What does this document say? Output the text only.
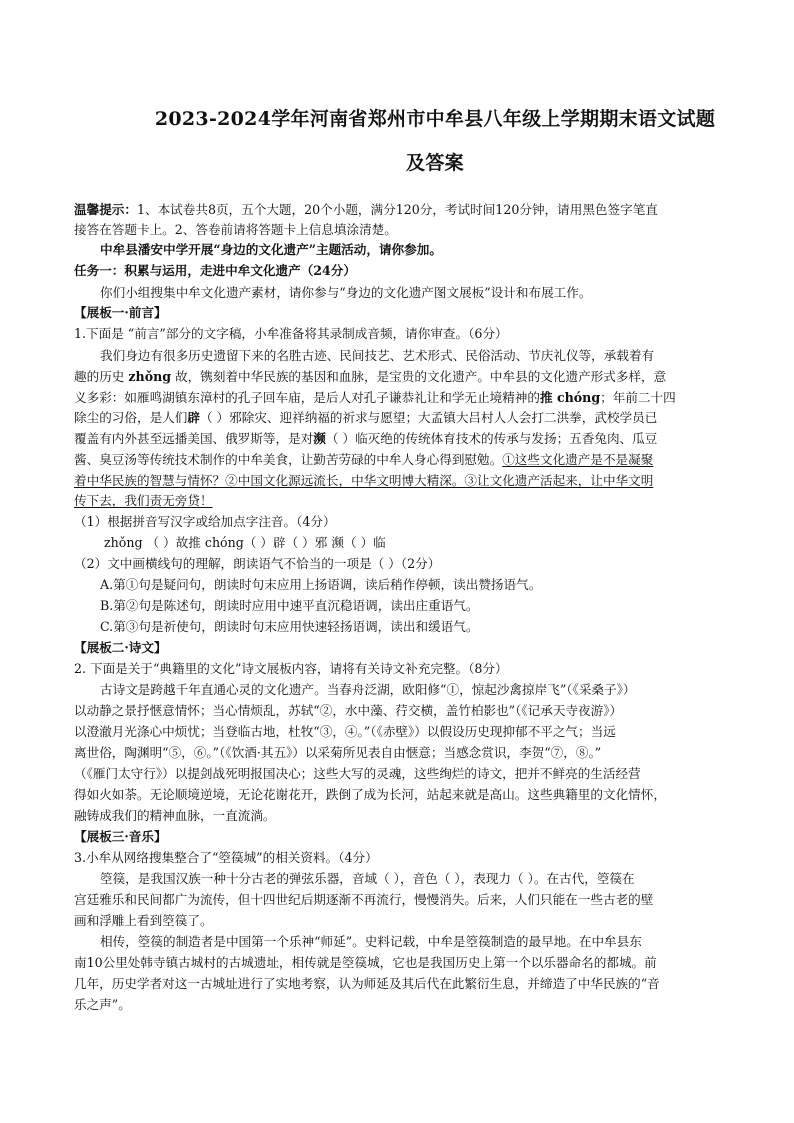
2023-2024学年河南省郑州市中牟县八年级上学期期末语文试题
及答案
温馨提示：1、本试卷共8页，五个大题，20个小题，满分120分，考试时间120分钟，请用黑色签字笔直
接答在答题卡上。2、答卷前请将答题卡上信息填涂清楚。
中牟县潘安中学开展“身边的文化遗产”主题活动，请你参加。
任务一：积累与运用，走进中牟文化遗产（24分）
你们小组搜集中牟文化遗产素材，请你参与“身边的文化遗产图文展板”设计和布展工作。
【展板一·前言】
1.下面是 “前言”部分的文字稿，小牟准备将其录制成音频，请你审查。（6分）
我们身边有很多历史遗留下来的名胜古迹、民间技艺、艺术形式、民俗活动、节庆礼仪等，承载着有
趣的历史 zhǒng 故，镌刻着中华民族的基因和血脉，是宝贵的文化遗产。中牟县的文化遗产形式多样，意
义多彩：如雁鸣湖镇东漳村的孔子回车庙，是后人对孔子谦恭礼让和学无止境精神的推 chóng；年前二十四
除尘的习俗，是人们辟（ ）邪除灾、迎祥纳福的祈求与愿望；大孟镇大吕村人人会打二洪拳，武校学员已
覆盖有内外甚至远播美国、俄罗斯等，是对濒（ ）临灭绝的传统体育技术的传承与发扬；五香兔肉、瓜豆
酱、臭豆汤等传统技术制作的中牟美食，让勤苦劳碌的中牟人身心得到慰勉。①这些文化遗产是不是凝聚
着中华民族的智慧与情怀？②中国文化源远流长，中华文明博大精深。③让文化遗产活起来，让中华文明
传下去，我们责无旁贷！
（1）根据拼音写汉字或给加点字注音。（4分）
zhǒng （ ）故推 chóng（ ）辟（ ）邪 濒（ ）临
（2）文中画横线句的理解，朗读语气不恰当的一项是（ ）（2分）
A.第①句是疑问句，朗读时句末应用上扬语调，读后稍作停顿，读出赞扬语气。
B.第②句是陈述句，朗读时应用中速平直沉稳语调，读出庄重语气。
C.第③句是祈使句，朗读时句末应用快速轻扬语调，读出和缓语气。
【展板二·诗文】
2. 下面是关于“典籍里的文化”诗文展板内容，请将有关诗文补充完整。（8分）
古诗文是跨越千年直通心灵的文化遗产。当春舟泛湖，欧阳修“①，惊起沙禽掠岸飞”（《采桑子》）
以动静之景抒惬意情怀；当心情烦乱，苏轼“②，水中藻、荇交横，盖竹柏影也”（《记承天寺夜游》）
以澄澈月光涤心中烦忧；当登临古地，杜牧“③，④。”（《赤壁》）以假设历史现抑郁不平之气；当远
离世俗，陶渊明“⑤，⑥。”（《饮酒·其五》）以采菊所见表自由惬意；当感念赏识，李贺“⑦，⑧。”
（《雁门太守行》）以提剑战死明报国决心；这些大写的灵魂，这些绚烂的诗文，把并不鲜亮的生活经营
得如火如荼。无论顺境逆境，无论花谢花开，跌倒了成为长河，站起来就是高山。这些典籍里的文化情怀，
融铸成我们的精神血脉，一直流淌。
【展板三·音乐】
3.小牟从网络搜集整合了“箜篌城”的相关资料。（4分）
箜篌，是我国汉族一种十分古老的弹弦乐器，音域（ ），音色（ ），表现力（ ）。在古代，箜篌在
宫廷雅乐和民间都广为流传，但十四世纪后期逐渐不再流行，慢慢消失。后来，人们只能在一些古老的壁
画和浮雕上看到箜篌了。
相传，箜篌的制造者是中国第一个乐神“师延”。史料记载，中牟是箜篌制造的最早地。在中牟县东
南10公里处韩寺镇古城村的古城遗址，相传就是箜篌城，它也是我国历史上第一个以乐器命名的都城。前
几年，历史学者对这一古城址进行了实地考察，认为师延及其后代在此繁衍生息，并缔造了中华民族的“音
乐之声”。
